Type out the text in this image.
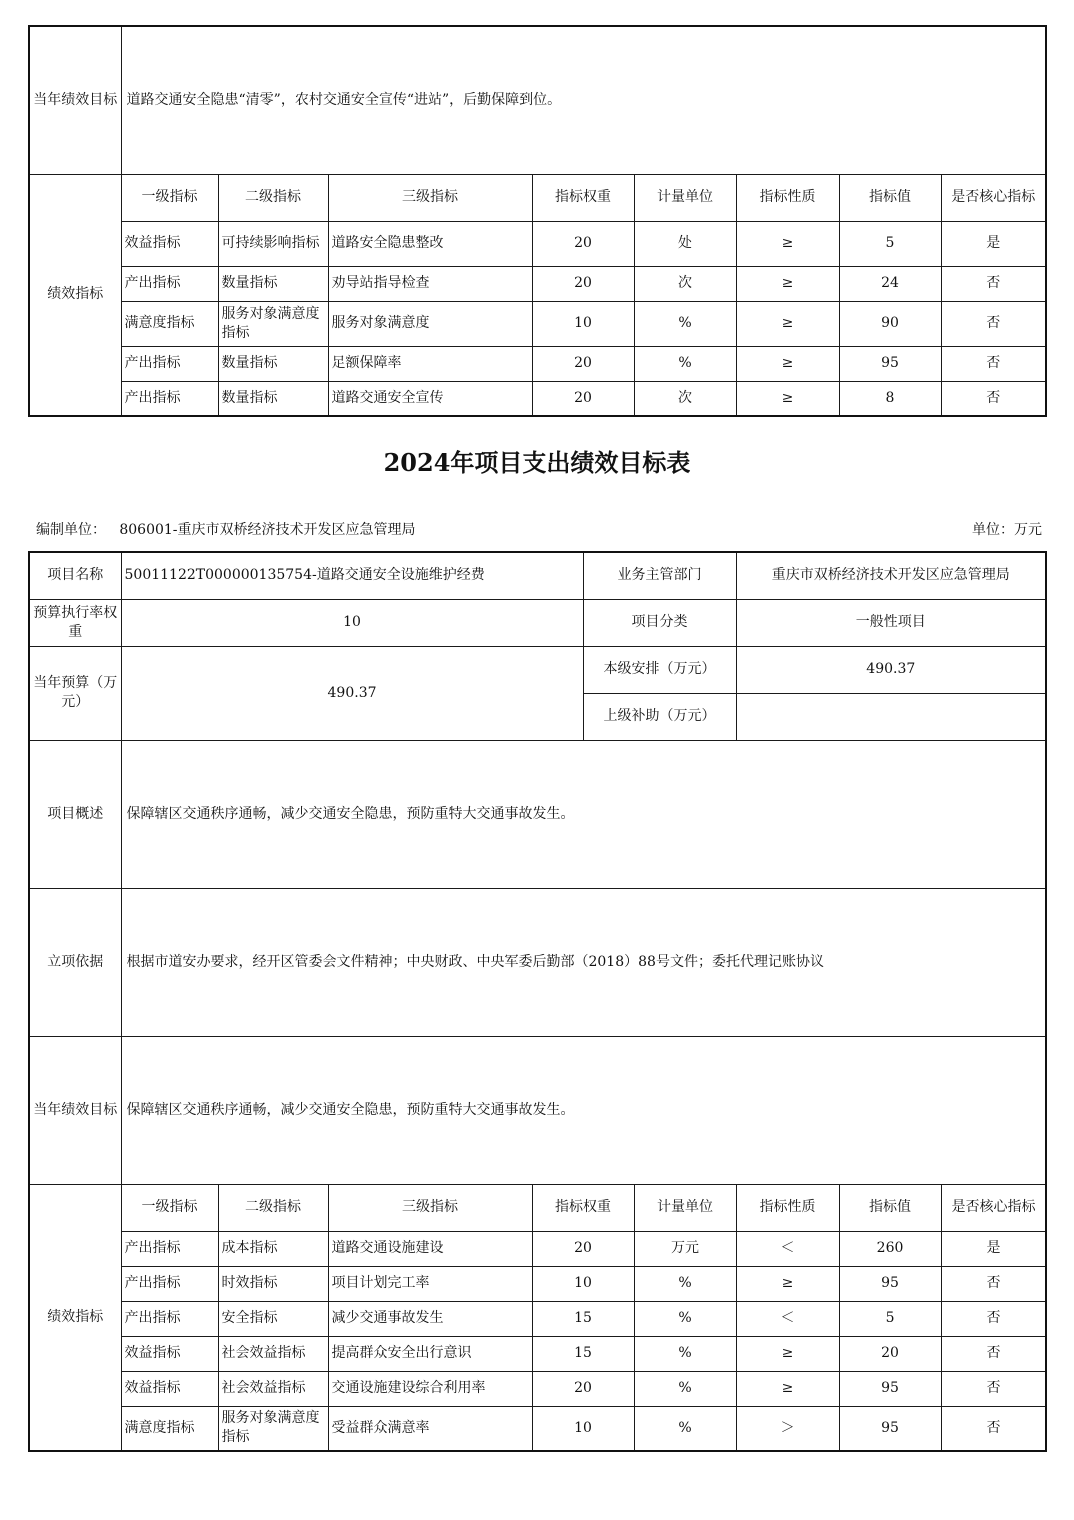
当年绩效目标	道路交通安全隐患“清零”，农村交通安全宣传“进站”，后勤保障到位。							
绩效指标	一级指标	二级指标	三级指标	指标权重	计量单位	指标性质	指标值	是否核心指标
	效益指标	可持续影响指标	道路安全隐患整改	20	处	≥	5	是
	产出指标	数量指标	劝导站指导检查	20	次	≥	24	否
	满意度指标	服务对象满意度指标	服务对象满意度	10	%	≥	90	否
	产出指标	数量指标	足额保障率	20	%	≥	95	否
	产出指标	数量指标	道路交通安全宣传	20	次	≥	8	否
2024年项目支出绩效目标表
编制单位：   806001-重庆市双桥经济技术开发区应急管理局	单位：万元
项目名称	50011122T000000135754-道路交通安全设施维护经费				业务主管部门		重庆市双桥经济技术开发区应急管理局		
预算执行率权重	10				项目分类		一般性项目		
当年预算（万元）	490.37				本级安排（万元）		490.37		
					上级补助（万元）				
项目概述	保障辖区交通秩序通畅，减少交通安全隐患，预防重特大交通事故发生。								
立项依据	根据市道安办要求，经开区管委会文件精神；中央财政、中央军委后勤部（2018）88号文件；委托代理记账协议								
当年绩效目标	保障辖区交通秩序通畅，减少交通安全隐患，预防重特大交通事故发生。								
绩效指标	一级指标	二级指标	三级指标	指标权重		计量单位	指标性质	指标值	是否核心指标
	产出指标	成本指标	道路交通设施建设	20		万元	＜	260	是
	产出指标	时效指标	项目计划完工率	10		%	≥	95	否
	产出指标	安全指标	减少交通事故发生	15		%	＜	5	否
	效益指标	社会效益指标	提高群众安全出行意识	15		%	≥	20	否
	效益指标	社会效益指标	交通设施建设综合利用率	20		%	≥	95	否
	满意度指标	服务对象满意度指标	受益群众满意率	10		%	＞	95	否
